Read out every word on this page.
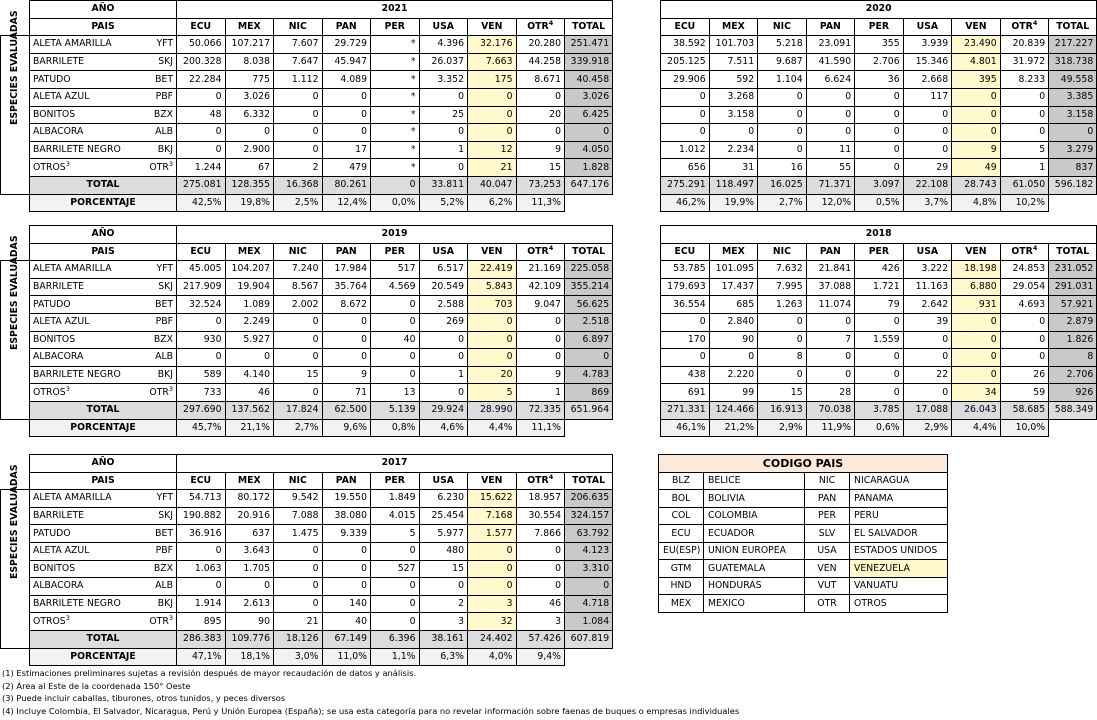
	AÑO	2021										2020								
	PAIS	ECU	MEX	NIC	PAN	PER	USA	VEN	OTR$^4$	TOTAL		ECU	MEX	NIC	PAN	PER	USA	VEN	OTR$^4$	TOTAL

ESPECIES EVALUADAS	ALETA AMARILLA YFT	50.066	107.217	7.607	29.729	*	4.396	32.176	20.280	251.471		38.592	101.703	5.218	23.091	355	3.939	23.490	20.839	217.227

	BARRILETE SKJ	200.328	8.038	7.647	45.947	*	26.037	7.663	44.258	339.918		205.125	7.511	9.687	41.590	2.706	15.346	4.801	31.972	318.738

	PATUDO BET	22.284	775	1.112	4.089	*	3.352	175	8.671	40.458		29.906	592	1.104	6.624	36	2.668	395	8.233	49.558

	ALETA AZUL PBF	0	3.026	0	0	*	0	0	0	3.026		0	3.268	0	0	0	117	0	0	3.385

	BONITOS BZX	48	6.332	0	0	*	25	0	20	6.425		0	3.158	0	0	0	0	0	0	3.158

	ALBACORA ALB	0	0	0	0	*	0	0	0	0		0	0	0	0	0	0	0	0	0

	BARRILETE NEGRO BKJ	0	2.900	0	17	*	1	12	9	4.050		1.012	2.234	0	11	0	0	9	5	3.279

	OTROS$^3$ OTR$^3$	1.244	67	2	479	*	0	21	15	1.828		656	31	16	55	0	29	49	1	837
	TOTAL	275.081	128.355	16.368	80.261	0	33.811	40.047	73.253	647.176		275.291	118.497	16.025	71.371	3.097	22.108	28.743	61.050	596.182
	PORCENTAJE	42,5%	19,8%	2,5%	12,4%	0,0%	5,2%	6,2%	11,3%			46,2%	19,9%	2,7%	12,0%	0,5%	3,7%	4,8%	10,2%	
	AÑO	2019										2018								
	PAIS	ECU	MEX	NIC	PAN	PER	USA	VEN	OTR$^4$	TOTAL		ECU	MEX	NIC	PAN	PER	USA	VEN	OTR$^4$	TOTAL

ESPECIES EVALUADAS	ALETA AMARILLA YFT	45.005	104.207	7.240	17.984	517	6.517	22.419	21.169	225.058		53.785	101.095	7.632	21.841	426	3.222	18.198	24.853	231.052

	BARRILETE SKJ	217.909	19.904	8.567	35.764	4.569	20.549	5.843	42.109	355.214		179.693	17.437	7.995	37.088	1.721	11.163	6.880	29.054	291.031

	PATUDO BET	32.524	1.089	2.002	8.672	0	2.588	703	9.047	56.625		36.554	685	1.263	11.074	79	2.642	931	4.693	57.921

	ALETA AZUL PBF	0	2.249	0	0	0	269	0	0	2.518		0	2.840	0	0	0	39	0	0	2.879

	BONITOS BZX	930	5.927	0	0	40	0	0	0	6.897		170	90	0	7	1.559	0	0	0	1.826

	ALBACORA ALB	0	0	0	0	0	0	0	0	0		0	0	8	0	0	0	0	0	8

	BARRILETE NEGRO BKJ	589	4.140	15	9	0	1	20	9	4.783		438	2.220	0	0	0	22	0	26	2.706

	OTROS$^3$ OTR$^3$	733	46	0	71	13	0	5	1	869		691	99	15	28	0	0	34	59	926
	TOTAL	297.690	137.562	17.824	62.500	5.139	29.924	28.990	72.335	651.964		271.331	124.466	16.913	70.038	3.785	17.088	26.043	58.685	588.349
	PORCENTAJE	45,7%	21,1%	2,7%	9,6%	0,8%	4,6%	4,4%	11,1%			46,1%	21,2%	2,9%	11,9%	0,6%	2,9%	4,4%	10,0%	
	AÑO	2017								
	PAIS	ECU	MEX	NIC	PAN	PER	USA	VEN	OTR$^4$	TOTAL

ESPECIES EVALUADAS	ALETA AMARILLA YFT	54.713	80.172	9.542	19.550	1.849	6.230	15.622	18.957	206.635

	BARRILETE SKJ	190.882	20.916	7.088	38.080	4.015	25.454	7.168	30.554	324.157

	PATUDO BET	36.916	637	1.475	9.339	5	5.977	1.577	7.866	63.792

	ALETA AZUL PBF	0	3.643	0	0	0	480	0	0	4.123

	BONITOS BZX	1.063	1.705	0	0	527	15	0	0	3.310

	ALBACORA ALB	0	0	0	0	0	0	0	0	0

	BARRILETE NEGRO BKJ	1.914	2.613	0	140	0	2	3	46	4.718

	OTROS$^3$ OTR$^3$	895	90	21	40	0	3	32	3	1.084
	TOTAL	286.383	109.776	18.126	67.149	6.396	38.161	24.402	57.426	607.819
	PORCENTAJE	47,1%	18,1%	3,0%	11,0%	1,1%	6,3%	4,0%	9,4%	
CODIGO PAIS			
BLZ	BELICE	NIC	NICARAGUA
BOL	BOLIVIA	PAN	PANAMA
COL	COLOMBIA	PER	PERU
ECU	ECUADOR	SLV	EL SALVADOR
EU(ESP)	UNION EUROPEA	USA	ESTADOS UNIDOS
GTM	GUATEMALA	VEN	VENEZUELA
HND	HONDURAS	VUT	VANUATU
MEX	MEXICO	OTR	OTROS
(1) Estimaciones preliminares sujetas a revisión después de mayor recaudación de datos y análisis.
(2) Área al Este de la coordenada 150° Oeste
(3) Puede incluir caballas, tiburones, otros tunidos, y peces diversos
(4) Incluye Colombia, El Salvador, Nicaragua, Perú y Unión Europea (España); se usa esta categoría para no revelar información sobre faenas de buques o empresas individuales
